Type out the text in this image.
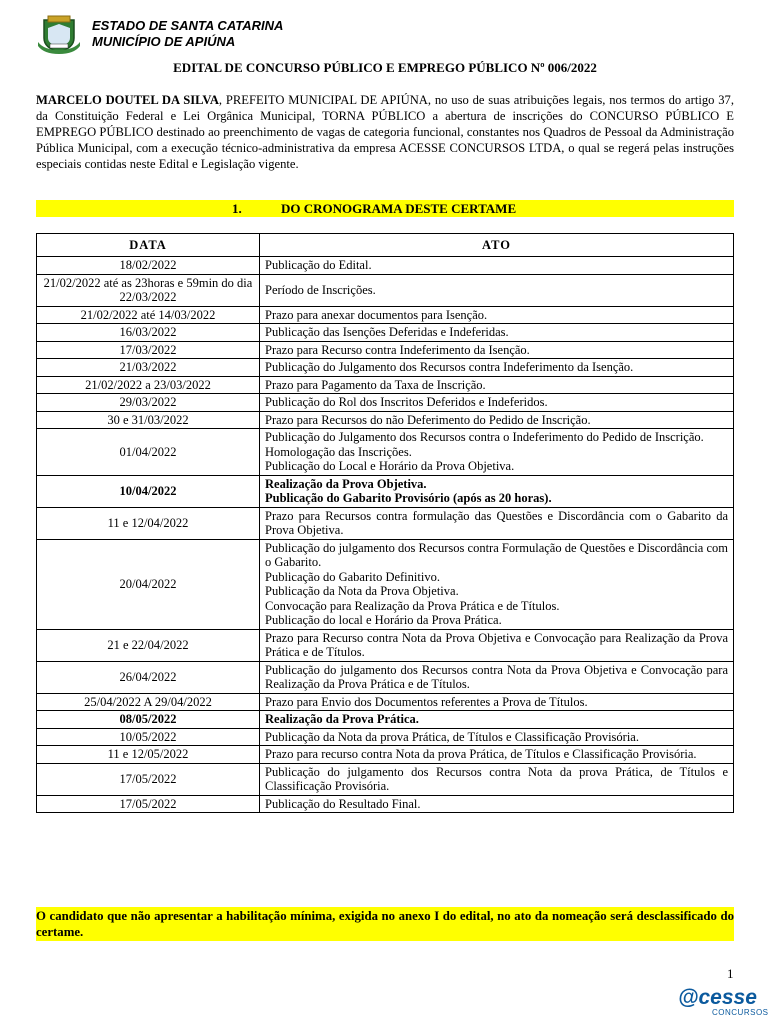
ESTADO DE SANTA CATARINA
MUNICÍPIO DE APIÚNA
EDITAL DE CONCURSO PÚBLICO E EMPREGO PÚBLICO Nº 006/2022
MARCELO DOUTEL DA SILVA, PREFEITO MUNICIPAL DE APIÚNA, no uso de suas atribuições legais, nos termos do artigo 37, da Constituição Federal e Lei Orgânica Municipal, TORNA PÚBLICO a abertura de inscrições do CONCURSO PÚBLICO E EMPREGO PÚBLICO destinado ao preenchimento de vagas de categoria funcional, constantes nos Quadros de Pessoal da Administração Pública Municipal, com a execução técnico-administrativa da empresa ACESSE CONCURSOS LTDA, o qual se regerá pelas instruções especiais contidas neste Edital e Legislação vigente.
1.	DO CRONOGRAMA DESTE CERTAME
DATA	ATO
18/02/2022	Publicação do Edital.

21/02/2022 até as 23horas e 59min do dia 22/03/2022	Período de Inscrições.

21/02/2022 até 14/03/2022	Prazo para anexar documentos para Isenção.

16/03/2022	Publicação das Isenções Deferidas e Indeferidas.

17/03/2022	Prazo para Recurso contra Indeferimento da Isenção.

21/03/2022	Publicação do Julgamento dos Recursos contra Indeferimento da Isenção.

21/02/2022 a 23/03/2022	Prazo para Pagamento da Taxa de Inscrição.

29/03/2022	Publicação do Rol dos Inscritos Deferidos e Indeferidos.

30 e 31/03/2022	Prazo para Recursos do não Deferimento do Pedido de Inscrição.

01/04/2022	Publicação do Julgamento dos Recursos contra o Indeferimento do Pedido de Inscrição.
Homologação das Inscrições.
Publicação do Local e Horário da Prova Objetiva.

10/04/2022	Realização da Prova Objetiva.
Publicação do Gabarito Provisório (após as 20 horas).

11 e 12/04/2022	Prazo para Recursos contra formulação das Questões e Discordância com o Gabarito da Prova Objetiva.

20/04/2022	Publicação do julgamento dos Recursos contra Formulação de Questões e Discordância com o Gabarito.
Publicação do Gabarito Definitivo.
Publicação da Nota da Prova Objetiva.
Convocação para Realização da Prova Prática e de Títulos.
Publicação do local e Horário da Prova Prática.

21 e 22/04/2022	Prazo para Recurso contra Nota da Prova Objetiva e Convocação para Realização da Prova Prática e de Títulos.

26/04/2022	Publicação do julgamento dos Recursos contra Nota da Prova Objetiva e Convocação para Realização da Prova Prática e de Títulos.

25/04/2022 A 29/04/2022	Prazo para Envio dos Documentos referentes a Prova de Títulos.

08/05/2022	Realização da Prova Prática.

10/05/2022	Publicação da Nota da prova Prática, de Títulos e Classificação Provisória.

11 e 12/05/2022	Prazo para recurso contra Nota da prova Prática, de Títulos e Classificação Provisória.

17/05/2022	Publicação do julgamento dos Recursos contra Nota da prova Prática, de Títulos e Classificação Provisória.

17/05/2022	Publicação do Resultado Final.
O candidato que não apresentar a habilitação mínima, exigida no anexo I do edital, no ato da nomeação será desclassificado do certame.
1
@cesse
CONCURSOS
